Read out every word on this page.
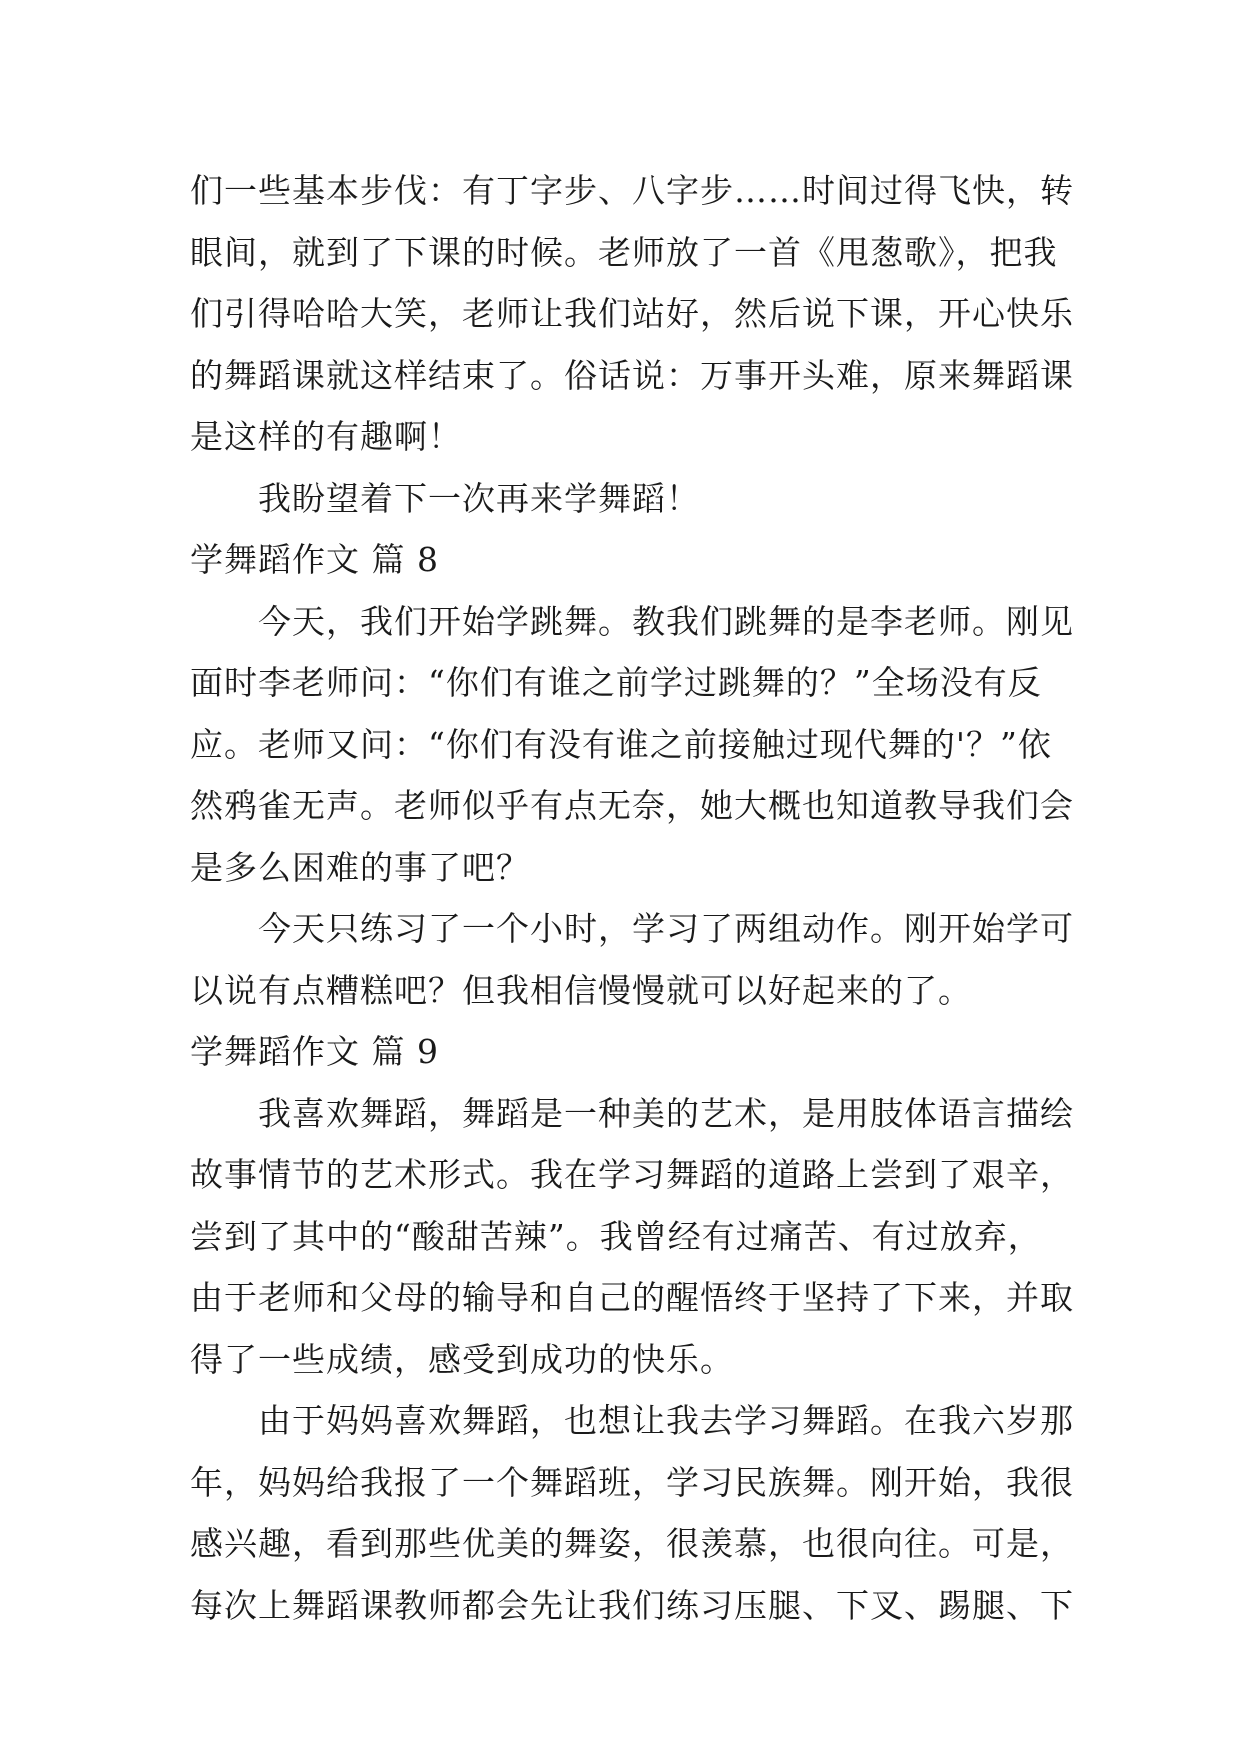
们一些基本步伐：有丁字步、八字步……时间过得飞快，转
眼间，就到了下课的时候。老师放了一首《甩葱歌》，把我
们引得哈哈大笑，老师让我们站好，然后说下课，开心快乐
的舞蹈课就这样结束了。俗话说：万事开头难，原来舞蹈课
是这样的有趣啊！
我盼望着下一次再来学舞蹈！
学舞蹈作文 篇 8
今天，我们开始学跳舞。教我们跳舞的是李老师。刚见
面时李老师问：“你们有谁之前学过跳舞的？”全场没有反
应。老师又问：“你们有没有谁之前接触过现代舞的'？”依
然鸦雀无声。老师似乎有点无奈，她大概也知道教导我们会
是多么困难的事了吧？
今天只练习了一个小时，学习了两组动作。刚开始学可
以说有点糟糕吧？但我相信慢慢就可以好起来的了。
学舞蹈作文 篇 9
我喜欢舞蹈，舞蹈是一种美的艺术，是用肢体语言描绘
故事情节的艺术形式。我在学习舞蹈的道路上尝到了艰辛，
尝到了其中的“酸甜苦辣”。我曾经有过痛苦、有过放弃，
由于老师和父母的输导和自己的醒悟终于坚持了下来，并取
得了一些成绩，感受到成功的快乐。
由于妈妈喜欢舞蹈，也想让我去学习舞蹈。在我六岁那
年，妈妈给我报了一个舞蹈班，学习民族舞。刚开始，我很
感兴趣，看到那些优美的舞姿，很羡慕，也很向往。可是，
每次上舞蹈课教师都会先让我们练习压腿、下叉、踢腿、下
